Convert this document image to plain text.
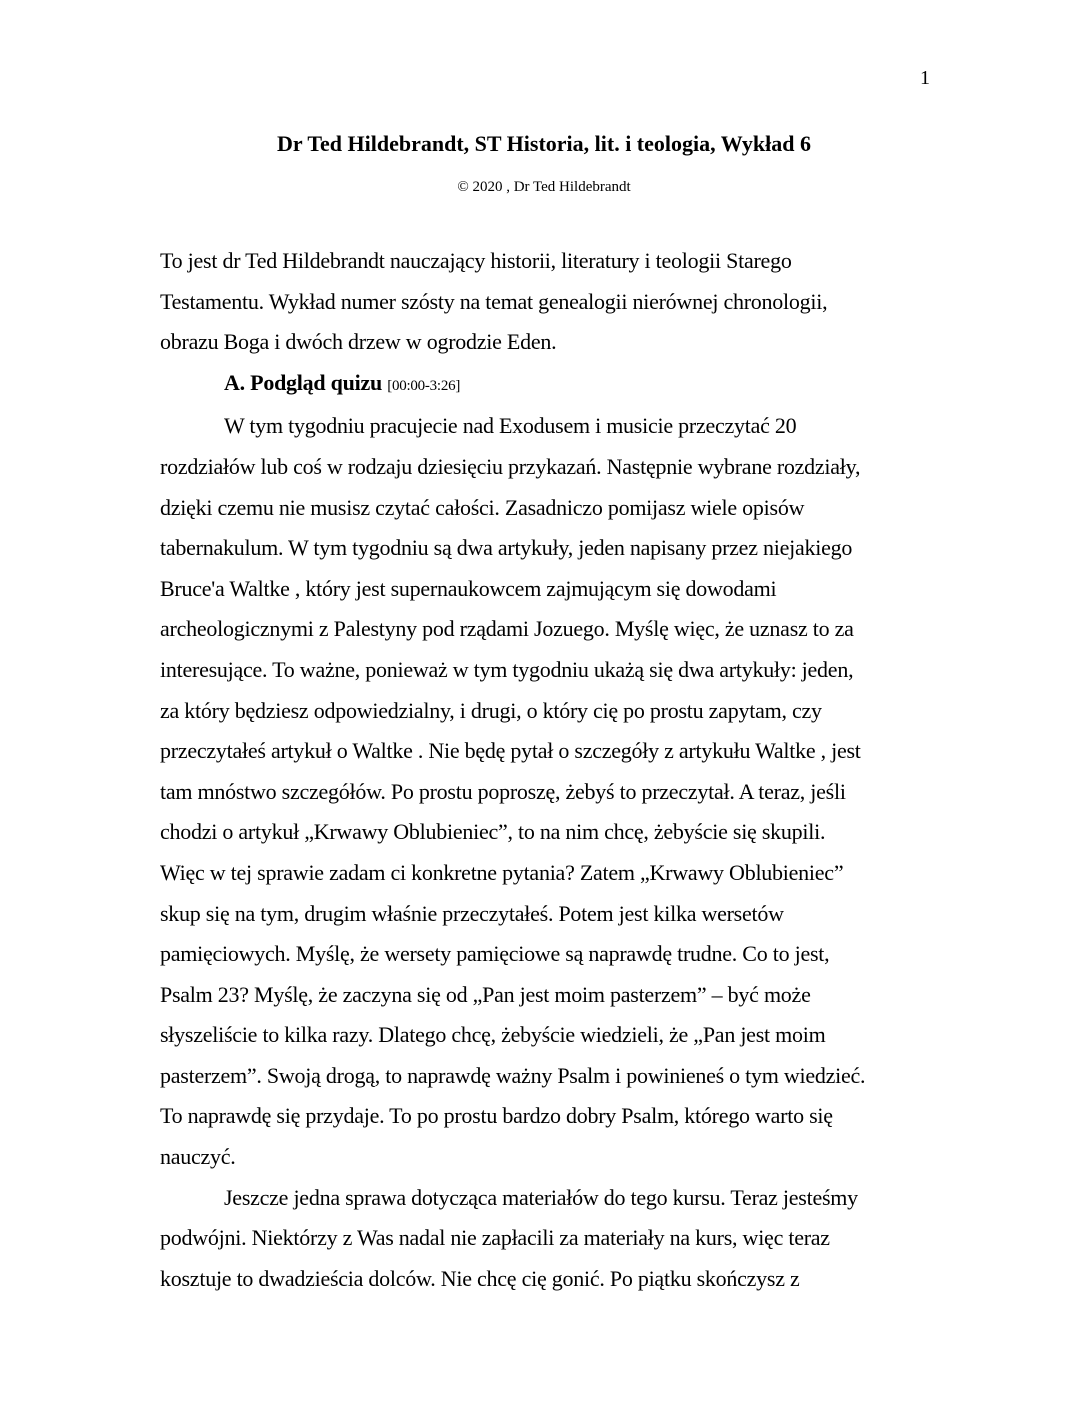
1
Dr Ted Hildebrandt, ST Historia, lit. i teologia, Wykład 6
© 2020 , Dr Ted Hildebrandt

To jest dr Ted Hildebrandt nauczający historii, literatury i teologii Starego
Testamentu. Wykład numer szósty na temat genealogii nierównej chronologii,
obrazu Boga i dwóch drzew w ogrodzie Eden.

A. Podgląd quizu [00:00-3:26]

W tym tygodniu pracujecie nad Exodusem i musicie przeczytać 20
rozdziałów lub coś w rodzaju dziesięciu przykazań. Następnie wybrane rozdziały,
dzięki czemu nie musisz czytać całości. Zasadniczo pomijasz wiele opisów
tabernakulum. W tym tygodniu są dwa artykuły, jeden napisany przez niejakiego
Bruce'a Waltke , który jest supernaukowcem zajmującym się dowodami
archeologicznymi z Palestyny pod rządami Jozuego. Myślę więc, że uznasz to za
interesujące. To ważne, ponieważ w tym tygodniu ukażą się dwa artykuły: jeden,
za który będziesz odpowiedzialny, i drugi, o który cię po prostu zapytam, czy
przeczytałeś artykuł o Waltke . Nie będę pytał o szczegóły z artykułu Waltke , jest
tam mnóstwo szczegółów. Po prostu poproszę, żebyś to przeczytał. A teraz, jeśli
chodzi o artykuł „Krwawy Oblubieniec”, to na nim chcę, żebyście się skupili.
Więc w tej sprawie zadam ci konkretne pytania? Zatem „Krwawy Oblubieniec”
skup się na tym, drugim właśnie przeczytałeś. Potem jest kilka wersetów
pamięciowych. Myślę, że wersety pamięciowe są naprawdę trudne. Co to jest,
Psalm 23? Myślę, że zaczyna się od „Pan jest moim pasterzem” – być może
słyszeliście to kilka razy. Dlatego chcę, żebyście wiedzieli, że „Pan jest moim
pasterzem”. Swoją drogą, to naprawdę ważny Psalm i powinieneś o tym wiedzieć.
To naprawdę się przydaje. To po prostu bardzo dobry Psalm, którego warto się
nauczyć.

Jeszcze jedna sprawa dotycząca materiałów do tego kursu. Teraz jesteśmy
podwójni. Niektórzy z Was nadal nie zapłacili za materiały na kurs, więc teraz
kosztuje to dwadzieścia dolców. Nie chcę cię gonić. Po piątku skończysz z
